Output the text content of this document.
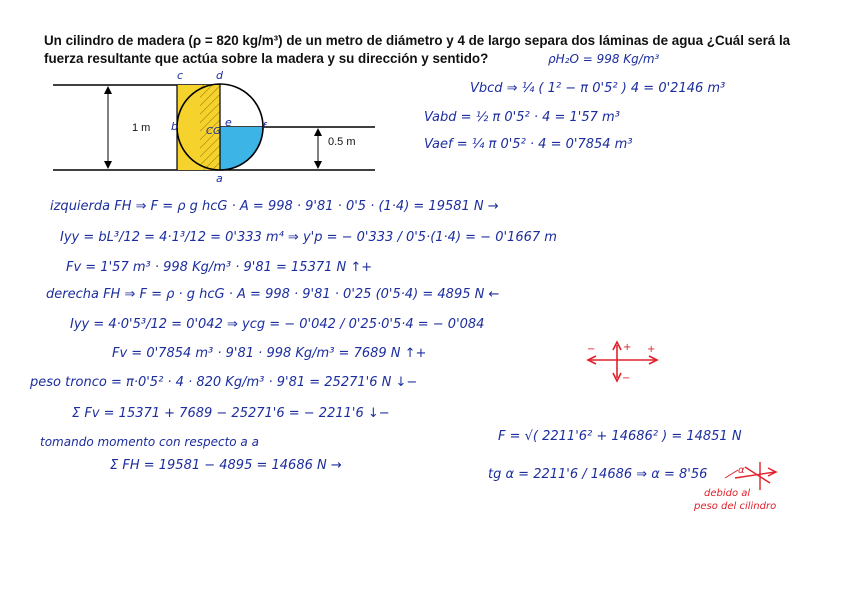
Un cilindro de madera (ρ = 820 kg/m³) de un metro de diámetro y 4 de largo separa dos láminas de agua ¿Cuál será la
fuerza resultante que actúa sobre la madera y su dirección y sentido?
1 m
0.5 m
c	d
b	CG
e	f
a
ρH₂O = 998 Kg/m³
Vbcd ⇒ ¼ ( 1² − π 0'5² ) 4 = 0'2146 m³
Vabd = ½ π 0'5² · 4 = 1'57 m³
Vaef = ¼ π 0'5² · 4 = 0'7854 m³
izquierda FH ⇒ F = ρ g hcG · A = 998 · 9'81 · 0'5 · (1·4) = 19581 N →
Iyy = bL³/12 = 4·1³/12 = 0'333 m⁴ ⇒ y'p = − 0'333 / 0'5·(1·4) = − 0'1667 m
Fv = 1'57 m³ · 998 Kg/m³ · 9'81 = 15371 N ↑+
derecha FH ⇒ F = ρ · g hcG · A = 998 · 9'81 · 0'25 (0'5·4) = 4895 N ←
Iyy = 4·0'5³/12 = 0'042 ⇒ ycg = − 0'042 / 0'25·0'5·4 = − 0'084
Fv = 0'7854 m³ · 9'81 · 998 Kg/m³ = 7689 N ↑+
peso tronco = π·0'5² · 4 · 820 Kg/m³ · 9'81 = 25271'6 N ↓−
Σ Fv = 15371 + 7689 − 25271'6 = − 2211'6 ↓−
tomando momento con respecto a a
Σ FH = 19581 − 4895 = 14686 N →
F = √( 2211'6² + 14686² ) = 14851 N
tg α = 2211'6 / 14686 ⇒ α = 8'56
−	+ +
−
α
debido al
peso del cilindro
